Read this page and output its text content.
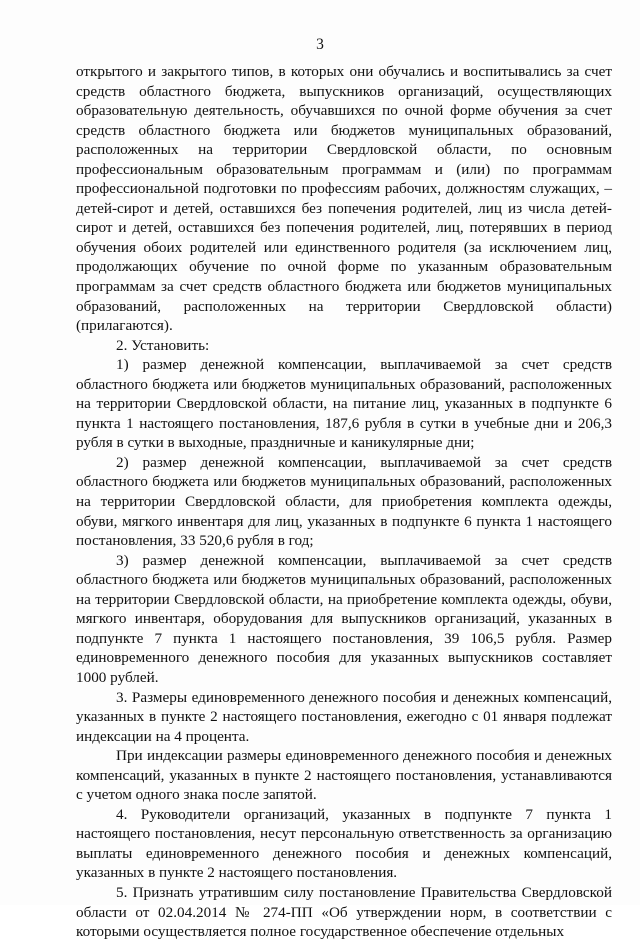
3

открытого и закрытого типов, в которых они обучались и воспитывались за счет средств областного бюджета, выпускников организаций, осуществляющих образовательную деятельность, обучавшихся по очной форме обучения за счет средств областного бюджета или бюджетов муниципальных образований, расположенных на территории Свердловской области, по основным профессиональным образовательным программам и (или) по программам профессиональной подготовки по профессиям рабочих, должностям служащих, – детей-сирот и детей, оставшихся без попечения родителей, лиц из числа детей-сирот и детей, оставшихся без попечения родителей, лиц, потерявших в период обучения обоих родителей или единственного родителя (за исключением лиц, продолжающих обучение по очной форме по указанным образовательным программам за счет средств областного бюджета или бюджетов муниципальных образований, расположенных на территории Свердловской области) (прилагаются).

2. Установить:

1) размер денежной компенсации, выплачиваемой за счет средств областного бюджета или бюджетов муниципальных образований, расположенных на территории Свердловской области, на питание лиц, указанных в подпункте 6 пункта 1 настоящего постановления, 187,6 рубля в сутки в учебные дни и 206,3 рубля в сутки в выходные, праздничные и каникулярные дни;

2) размер денежной компенсации, выплачиваемой за счет средств областного бюджета или бюджетов муниципальных образований, расположенных на территории Свердловской области, для приобретения комплекта одежды, обуви, мягкого инвентаря для лиц, указанных в подпункте 6 пункта 1 настоящего постановления, 33 520,6 рубля в год;

3) размер денежной компенсации, выплачиваемой за счет средств областного бюджета или бюджетов муниципальных образований, расположенных на территории Свердловской области, на приобретение комплекта одежды, обуви, мягкого инвентаря, оборудования для выпускников организаций, указанных в подпункте 7 пункта 1 настоящего постановления, 39 106,5 рубля. Размер единовременного денежного пособия для указанных выпускников составляет 1000 рублей.

3. Размеры единовременного денежного пособия и денежных компенсаций, указанных в пункте 2 настоящего постановления, ежегодно с 01 января подлежат индексации на 4 процента.

При индексации размеры единовременного денежного пособия и денежных компенсаций, указанных в пункте 2 настоящего постановления, устанавливаются с учетом одного знака после запятой.

4. Руководители организаций, указанных в подпункте 7 пункта 1 настоящего постановления, несут персональную ответственность за организацию выплаты единовременного денежного пособия и денежных компенсаций, указанных в пункте 2 настоящего постановления.

5. Признать утратившим силу постановление Правительства Свердловской области от 02.04.2014 № 274-ПП «Об утверждении норм, в соответствии с которыми осуществляется полное государственное обеспечение отдельных
